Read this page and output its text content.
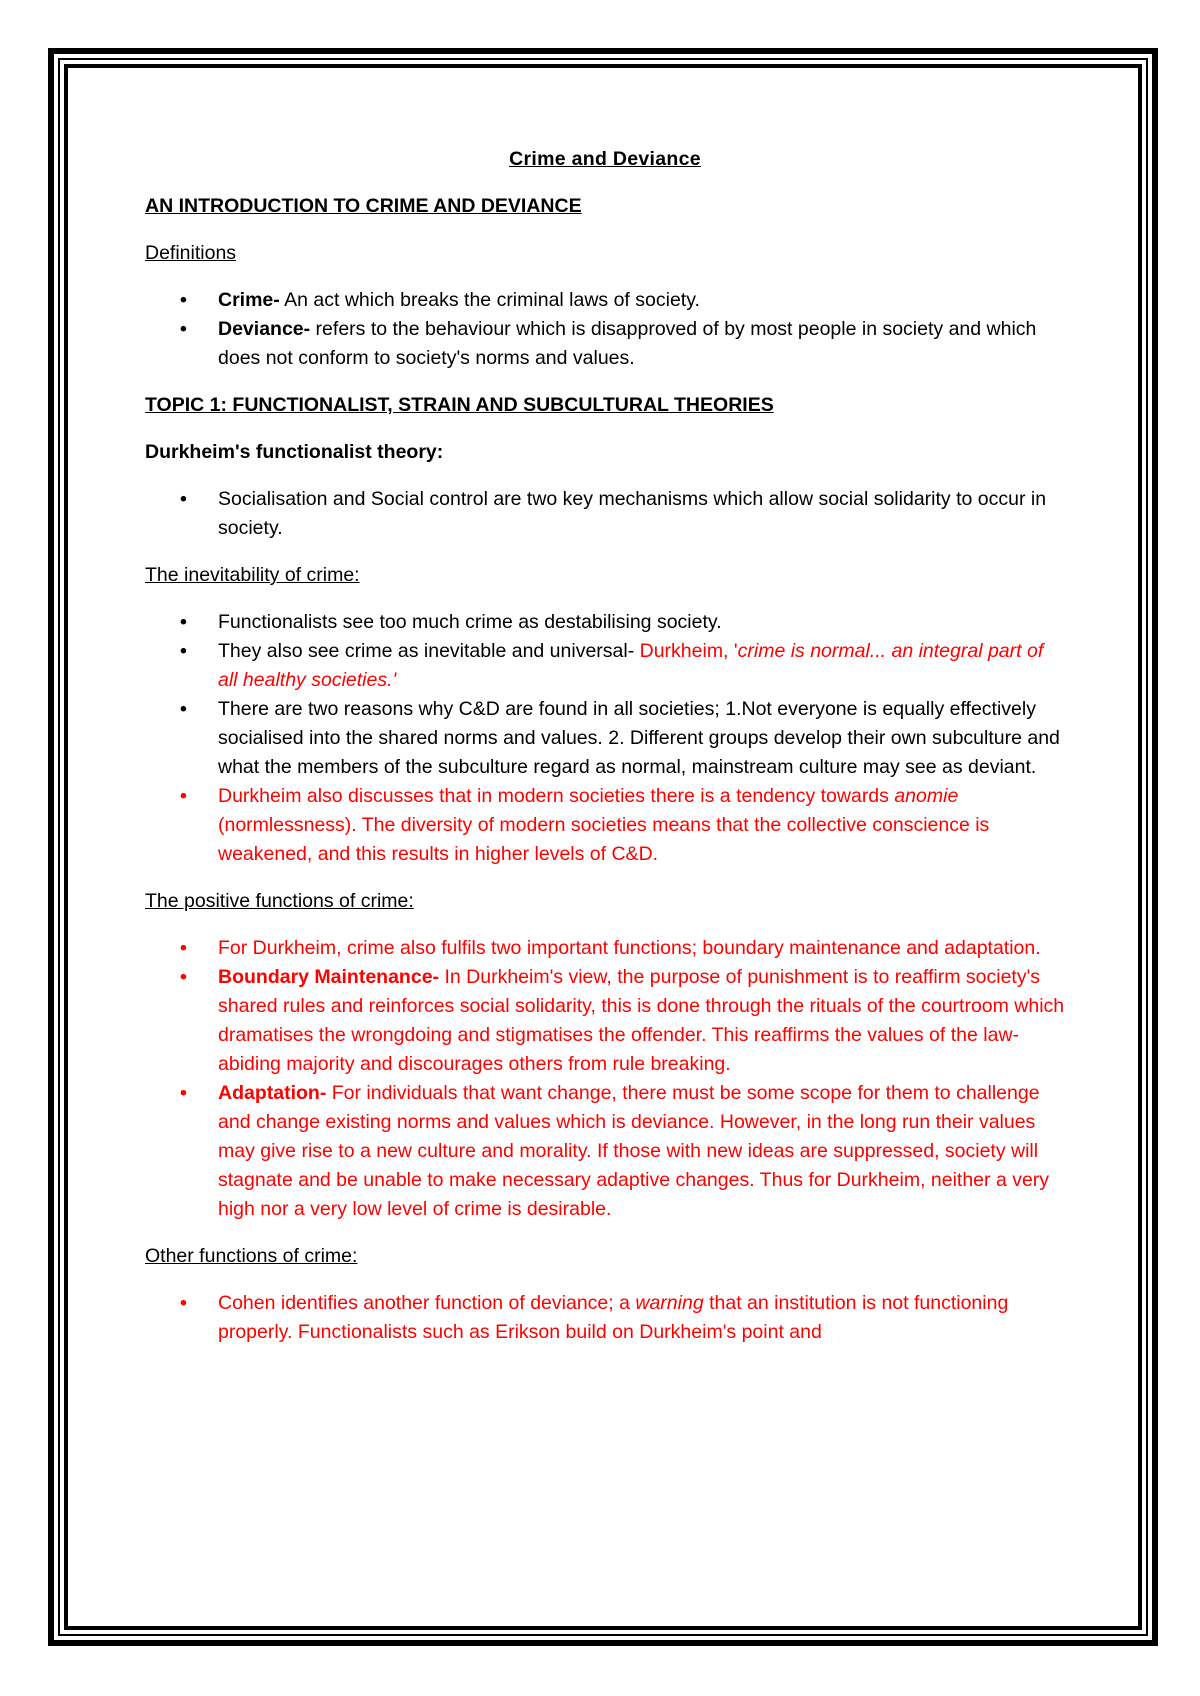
Crime and Deviance

AN INTRODUCTION TO CRIME AND DEVIANCE

Definitions

• Crime- An act which breaks the criminal laws of society.
• Deviance- refers to the behaviour which is disapproved of by most people in society and which does not conform to society's norms and values.

TOPIC 1: FUNCTIONALIST, STRAIN AND SUBCULTURAL THEORIES

Durkheim's functionalist theory:

• Socialisation and Social control are two key mechanisms which allow social solidarity to occur in society.

The inevitability of crime:

• Functionalists see too much crime as destabilising society.
• They also see crime as inevitable and universal- Durkheim, 'crime is normal... an integral part of all healthy societies.'
• There are two reasons why C&D are found in all societies; 1.Not everyone is equally effectively socialised into the shared norms and values. 2. Different groups develop their own subculture and what the members of the subculture regard as normal, mainstream culture may see as deviant.
• Durkheim also discusses that in modern societies there is a tendency towards anomie (normlessness). The diversity of modern societies means that the collective conscience is weakened, and this results in higher levels of C&D.

The positive functions of crime:

• For Durkheim, crime also fulfils two important functions; boundary maintenance and adaptation.
• Boundary Maintenance- In Durkheim's view, the purpose of punishment is to reaffirm society's shared rules and reinforces social solidarity, this is done through the rituals of the courtroom which dramatises the wrongdoing and stigmatises the offender. This reaffirms the values of the law-abiding majority and discourages others from rule breaking.
• Adaptation- For individuals that want change, there must be some scope for them to challenge and change existing norms and values which is deviance. However, in the long run their values may give rise to a new culture and morality. If those with new ideas are suppressed, society will stagnate and be unable to make necessary adaptive changes. Thus for Durkheim, neither a very high nor a very low level of crime is desirable.

Other functions of crime:

• Cohen identifies another function of deviance; a warning that an institution is not functioning properly. Functionalists such as Erikson build on Durkheim's point and
